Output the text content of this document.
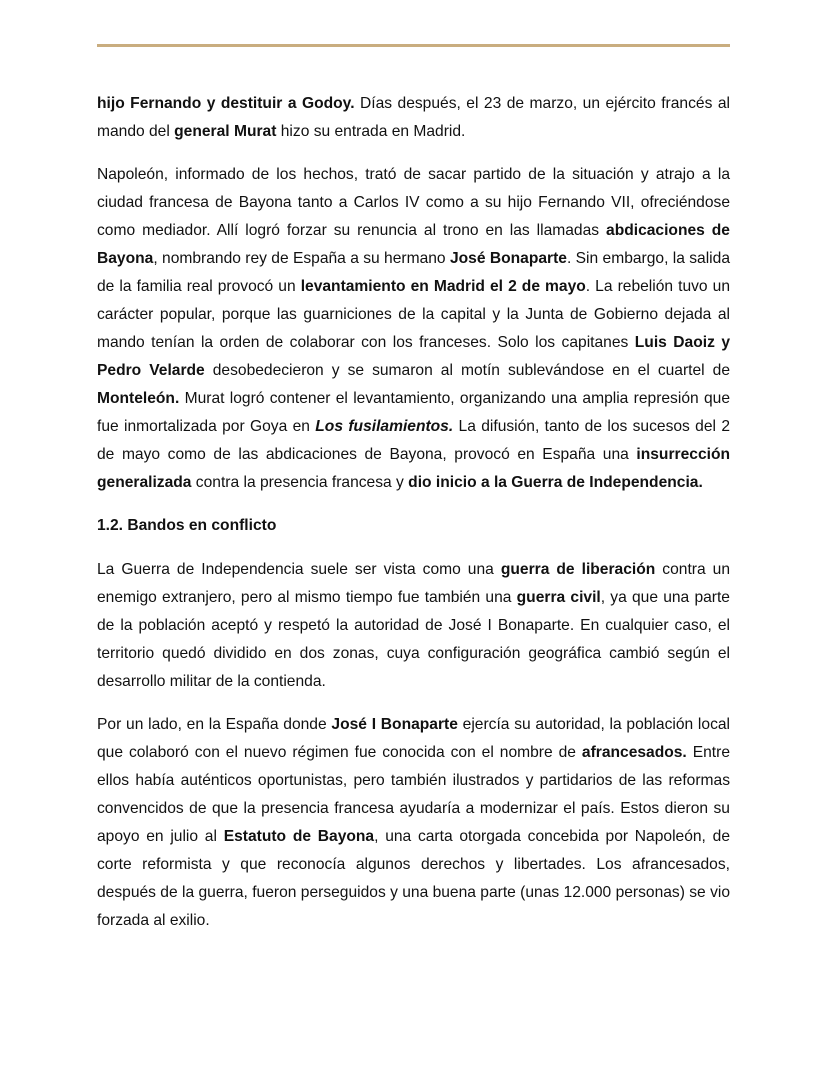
hijo Fernando y destituir a Godoy. Días después, el 23 de marzo, un ejército francés al mando del general Murat hizo su entrada en Madrid.

Napoleón, informado de los hechos, trató de sacar partido de la situación y atrajo a la ciudad francesa de Bayona tanto a Carlos IV como a su hijo Fernando VII, ofreciéndose como mediador. Allí logró forzar su renuncia al trono en las llamadas abdicaciones de Bayona, nombrando rey de España a su hermano José Bonaparte. Sin embargo, la salida de la familia real provocó un levantamiento en Madrid el 2 de mayo. La rebelión tuvo un carácter popular, porque las guarniciones de la capital y la Junta de Gobierno dejada al mando tenían la orden de colaborar con los franceses. Solo los capitanes Luis Daoiz y Pedro Velarde desobedecieron y se sumaron al motín sublevándose en el cuartel de Monteleón. Murat logró contener el levantamiento, organizando una amplia represión que fue inmortalizada por Goya en Los fusilamientos. La difusión, tanto de los sucesos del 2 de mayo como de las abdicaciones de Bayona, provocó en España una insurrección generalizada contra la presencia francesa y dio inicio a la Guerra de Independencia.

1.2. Bandos en conflicto

La Guerra de Independencia suele ser vista como una guerra de liberación contra un enemigo extranjero, pero al mismo tiempo fue también una guerra civil, ya que una parte de la población aceptó y respetó la autoridad de José I Bonaparte. En cualquier caso, el territorio quedó dividido en dos zonas, cuya configuración geográfica cambió según el desarrollo militar de la contienda.

Por un lado, en la España donde José I Bonaparte ejercía su autoridad, la población local que colaboró con el nuevo régimen fue conocida con el nombre de afrancesados. Entre ellos había auténticos oportunistas, pero también ilustrados y partidarios de las reformas convencidos de que la presencia francesa ayudaría a modernizar el país. Estos dieron su apoyo en julio al Estatuto de Bayona, una carta otorgada concebida por Napoleón, de corte reformista y que reconocía algunos derechos y libertades. Los afrancesados, después de la guerra, fueron perseguidos y una buena parte (unas 12.000 personas) se vio forzada al exilio.
